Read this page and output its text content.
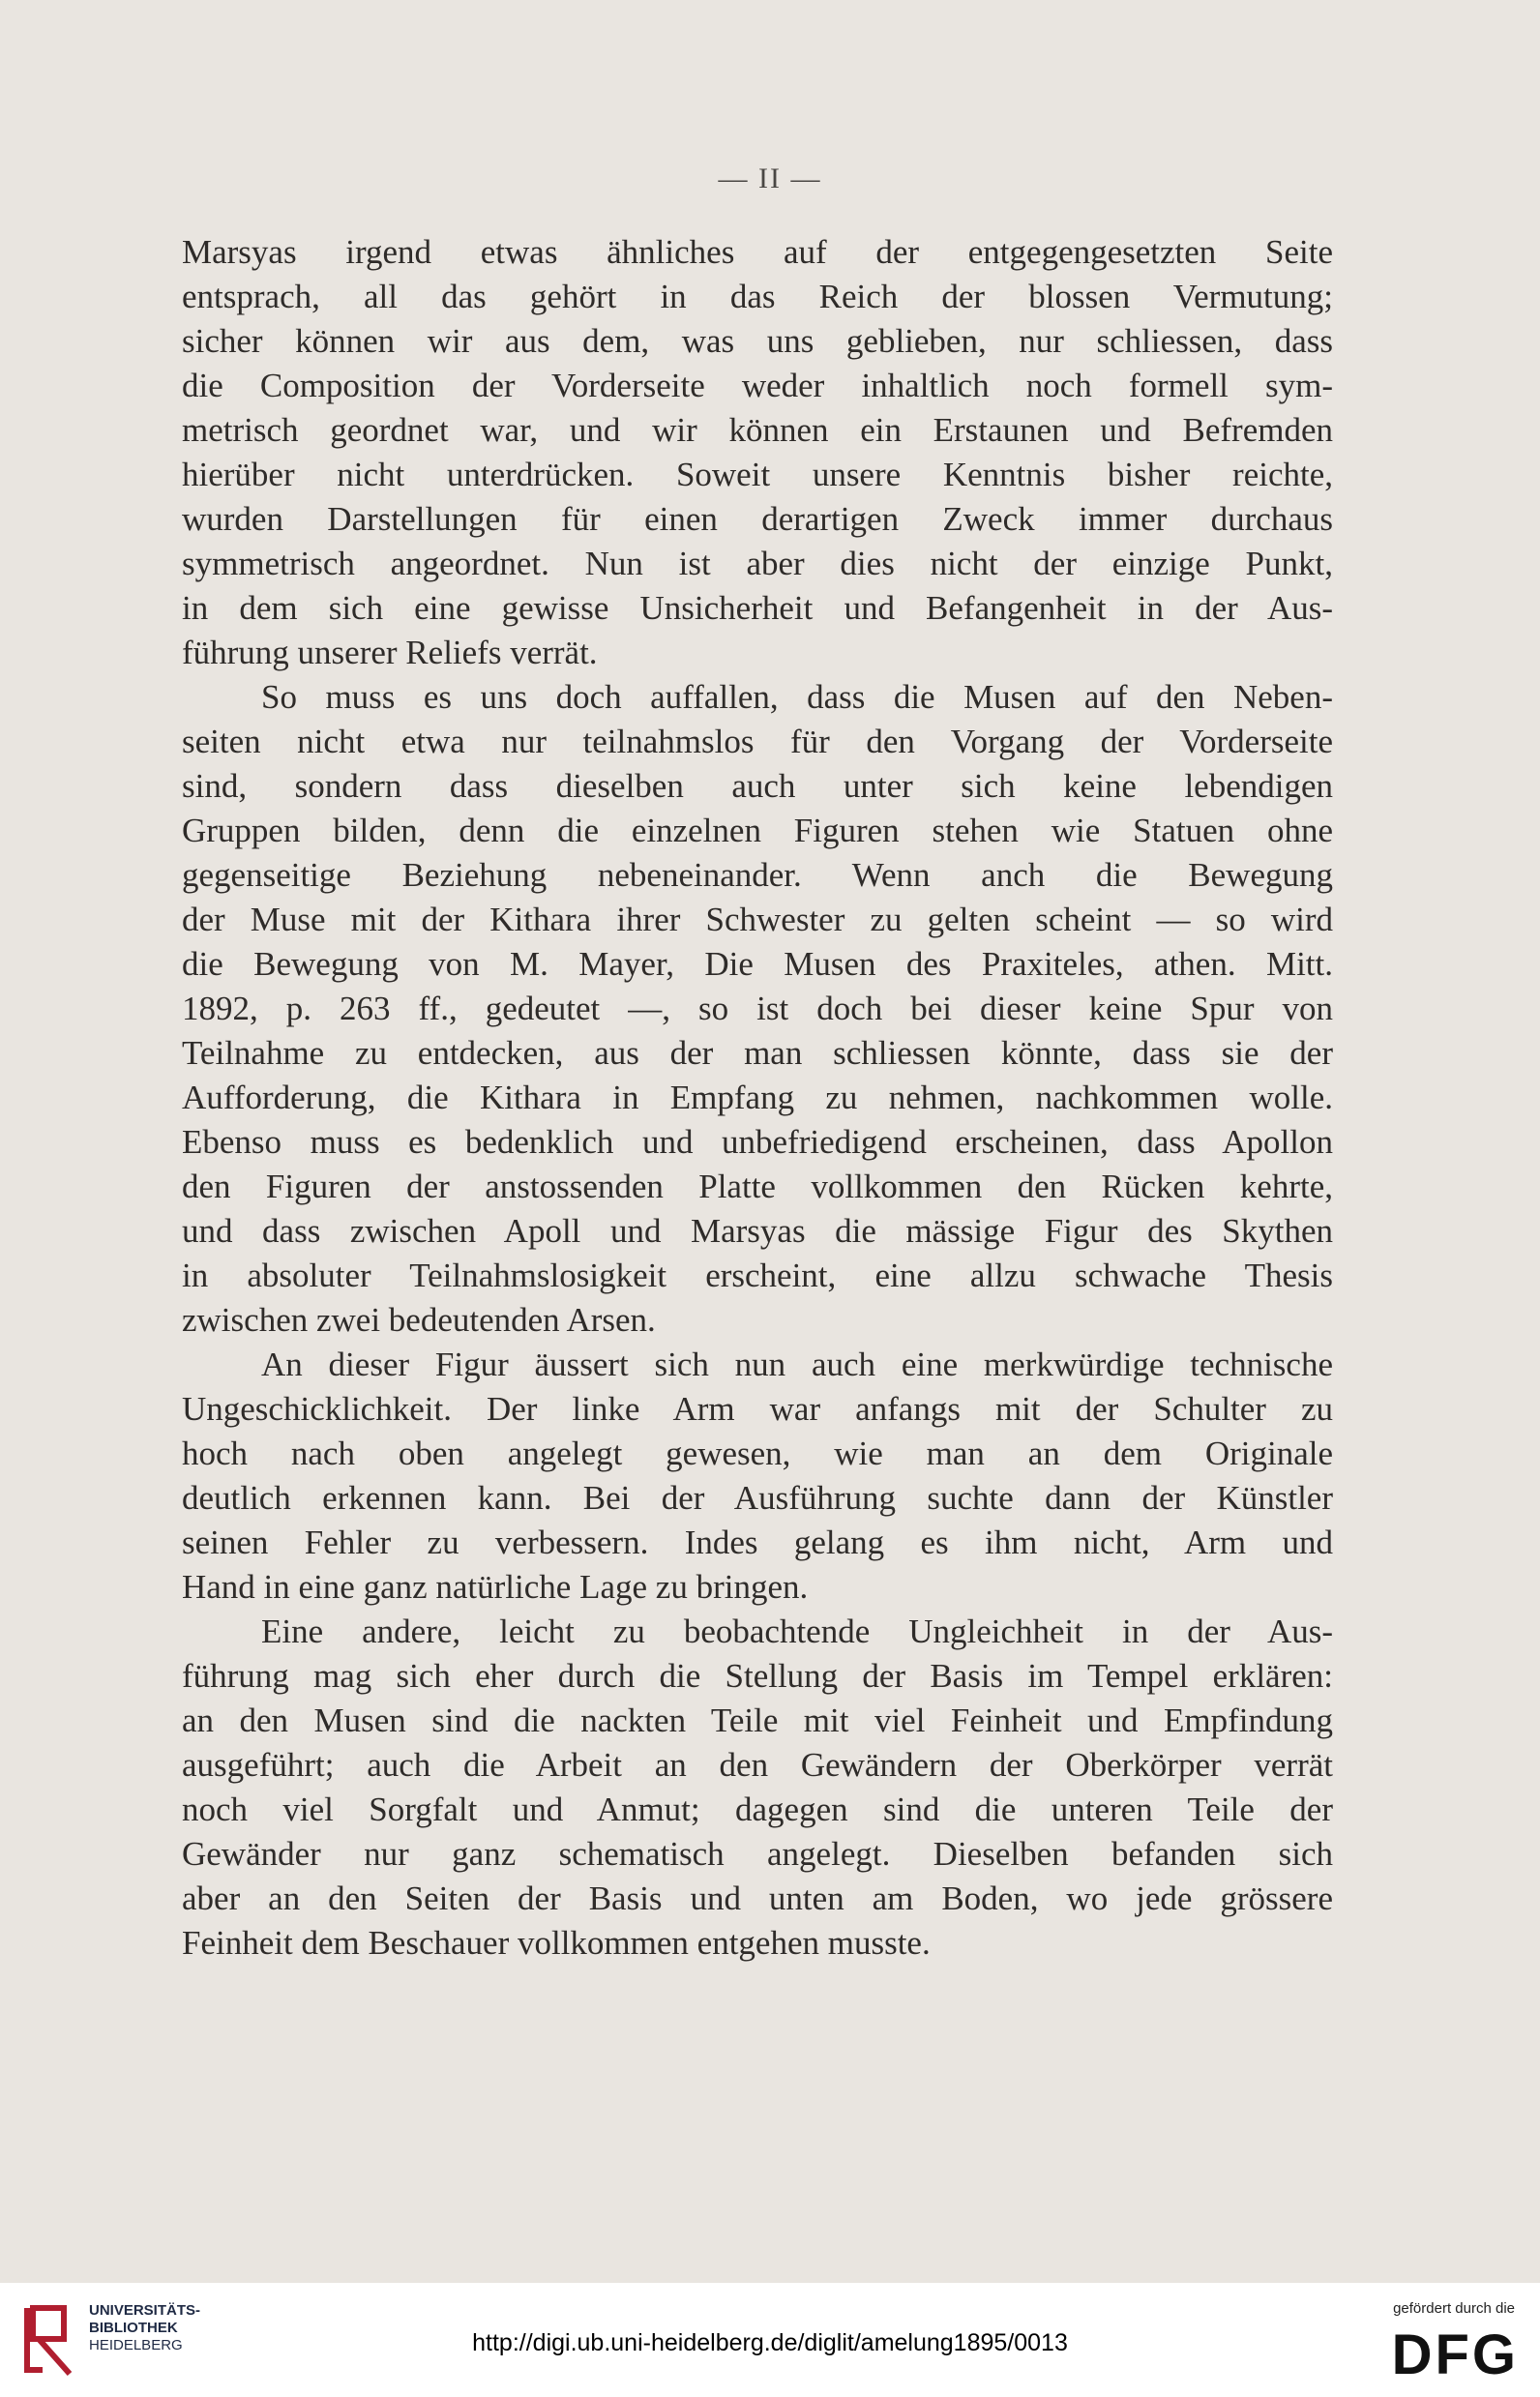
— II —
Marsyas irgend etwas ähnliches auf der entgegengesetzten Seite
entsprach, all das gehört in das Reich der blossen Vermutung;
sicher können wir aus dem, was uns geblieben, nur schliessen, dass
die Composition der Vorderseite weder inhaltlich noch formell sym-
metrisch geordnet war, und wir können ein Erstaunen und Befremden
hierüber nicht unterdrücken. Soweit unsere Kenntnis bisher reichte,
wurden Darstellungen für einen derartigen Zweck immer durchaus
symmetrisch angeordnet. Nun ist aber dies nicht der einzige Punkt,
in dem sich eine gewisse Unsicherheit und Befangenheit in der Aus-
führung unserer Reliefs verrät.
So muss es uns doch auffallen, dass die Musen auf den Neben-
seiten nicht etwa nur teilnahmslos für den Vorgang der Vorderseite
sind, sondern dass dieselben auch unter sich keine lebendigen
Gruppen bilden, denn die einzelnen Figuren stehen wie Statuen ohne
gegenseitige Beziehung nebeneinander. Wenn anch die Bewegung
der Muse mit der Kithara ihrer Schwester zu gelten scheint — so wird
die Bewegung von M. Mayer, Die Musen des Praxiteles, athen. Mitt.
1892, p. 263 ff., gedeutet —, so ist doch bei dieser keine Spur von
Teilnahme zu entdecken, aus der man schliessen könnte, dass sie der
Aufforderung, die Kithara in Empfang zu nehmen, nachkommen wolle.
Ebenso muss es bedenklich und unbefriedigend erscheinen, dass Apollon
den Figuren der anstossenden Platte vollkommen den Rücken kehrte,
und dass zwischen Apoll und Marsyas die mässige Figur des Skythen
in absoluter Teilnahmslosigkeit erscheint, eine allzu schwache Thesis
zwischen zwei bedeutenden Arsen.
An dieser Figur äussert sich nun auch eine merkwürdige technische
Ungeschicklichkeit. Der linke Arm war anfangs mit der Schulter zu
hoch nach oben angelegt gewesen, wie man an dem Originale
deutlich erkennen kann. Bei der Ausführung suchte dann der Künstler
seinen Fehler zu verbessern. Indes gelang es ihm nicht, Arm und
Hand in eine ganz natürliche Lage zu bringen.
Eine andere, leicht zu beobachtende Ungleichheit in der Aus-
führung mag sich eher durch die Stellung der Basis im Tempel erklären:
an den Musen sind die nackten Teile mit viel Feinheit und Empfindung
ausgeführt; auch die Arbeit an den Gewändern der Oberkörper verrät
noch viel Sorgfalt und Anmut; dagegen sind die unteren Teile der
Gewänder nur ganz schematisch angelegt. Dieselben befanden sich
aber an den Seiten der Basis und unten am Boden, wo jede grössere
Feinheit dem Beschauer vollkommen entgehen musste.
UNIVERSITÄTS-
BIBLIOTHEK
HEIDELBERG	http://digi.ub.uni-heidelberg.de/diglit/amelung1895/0013
gefördert durch die
DFG
